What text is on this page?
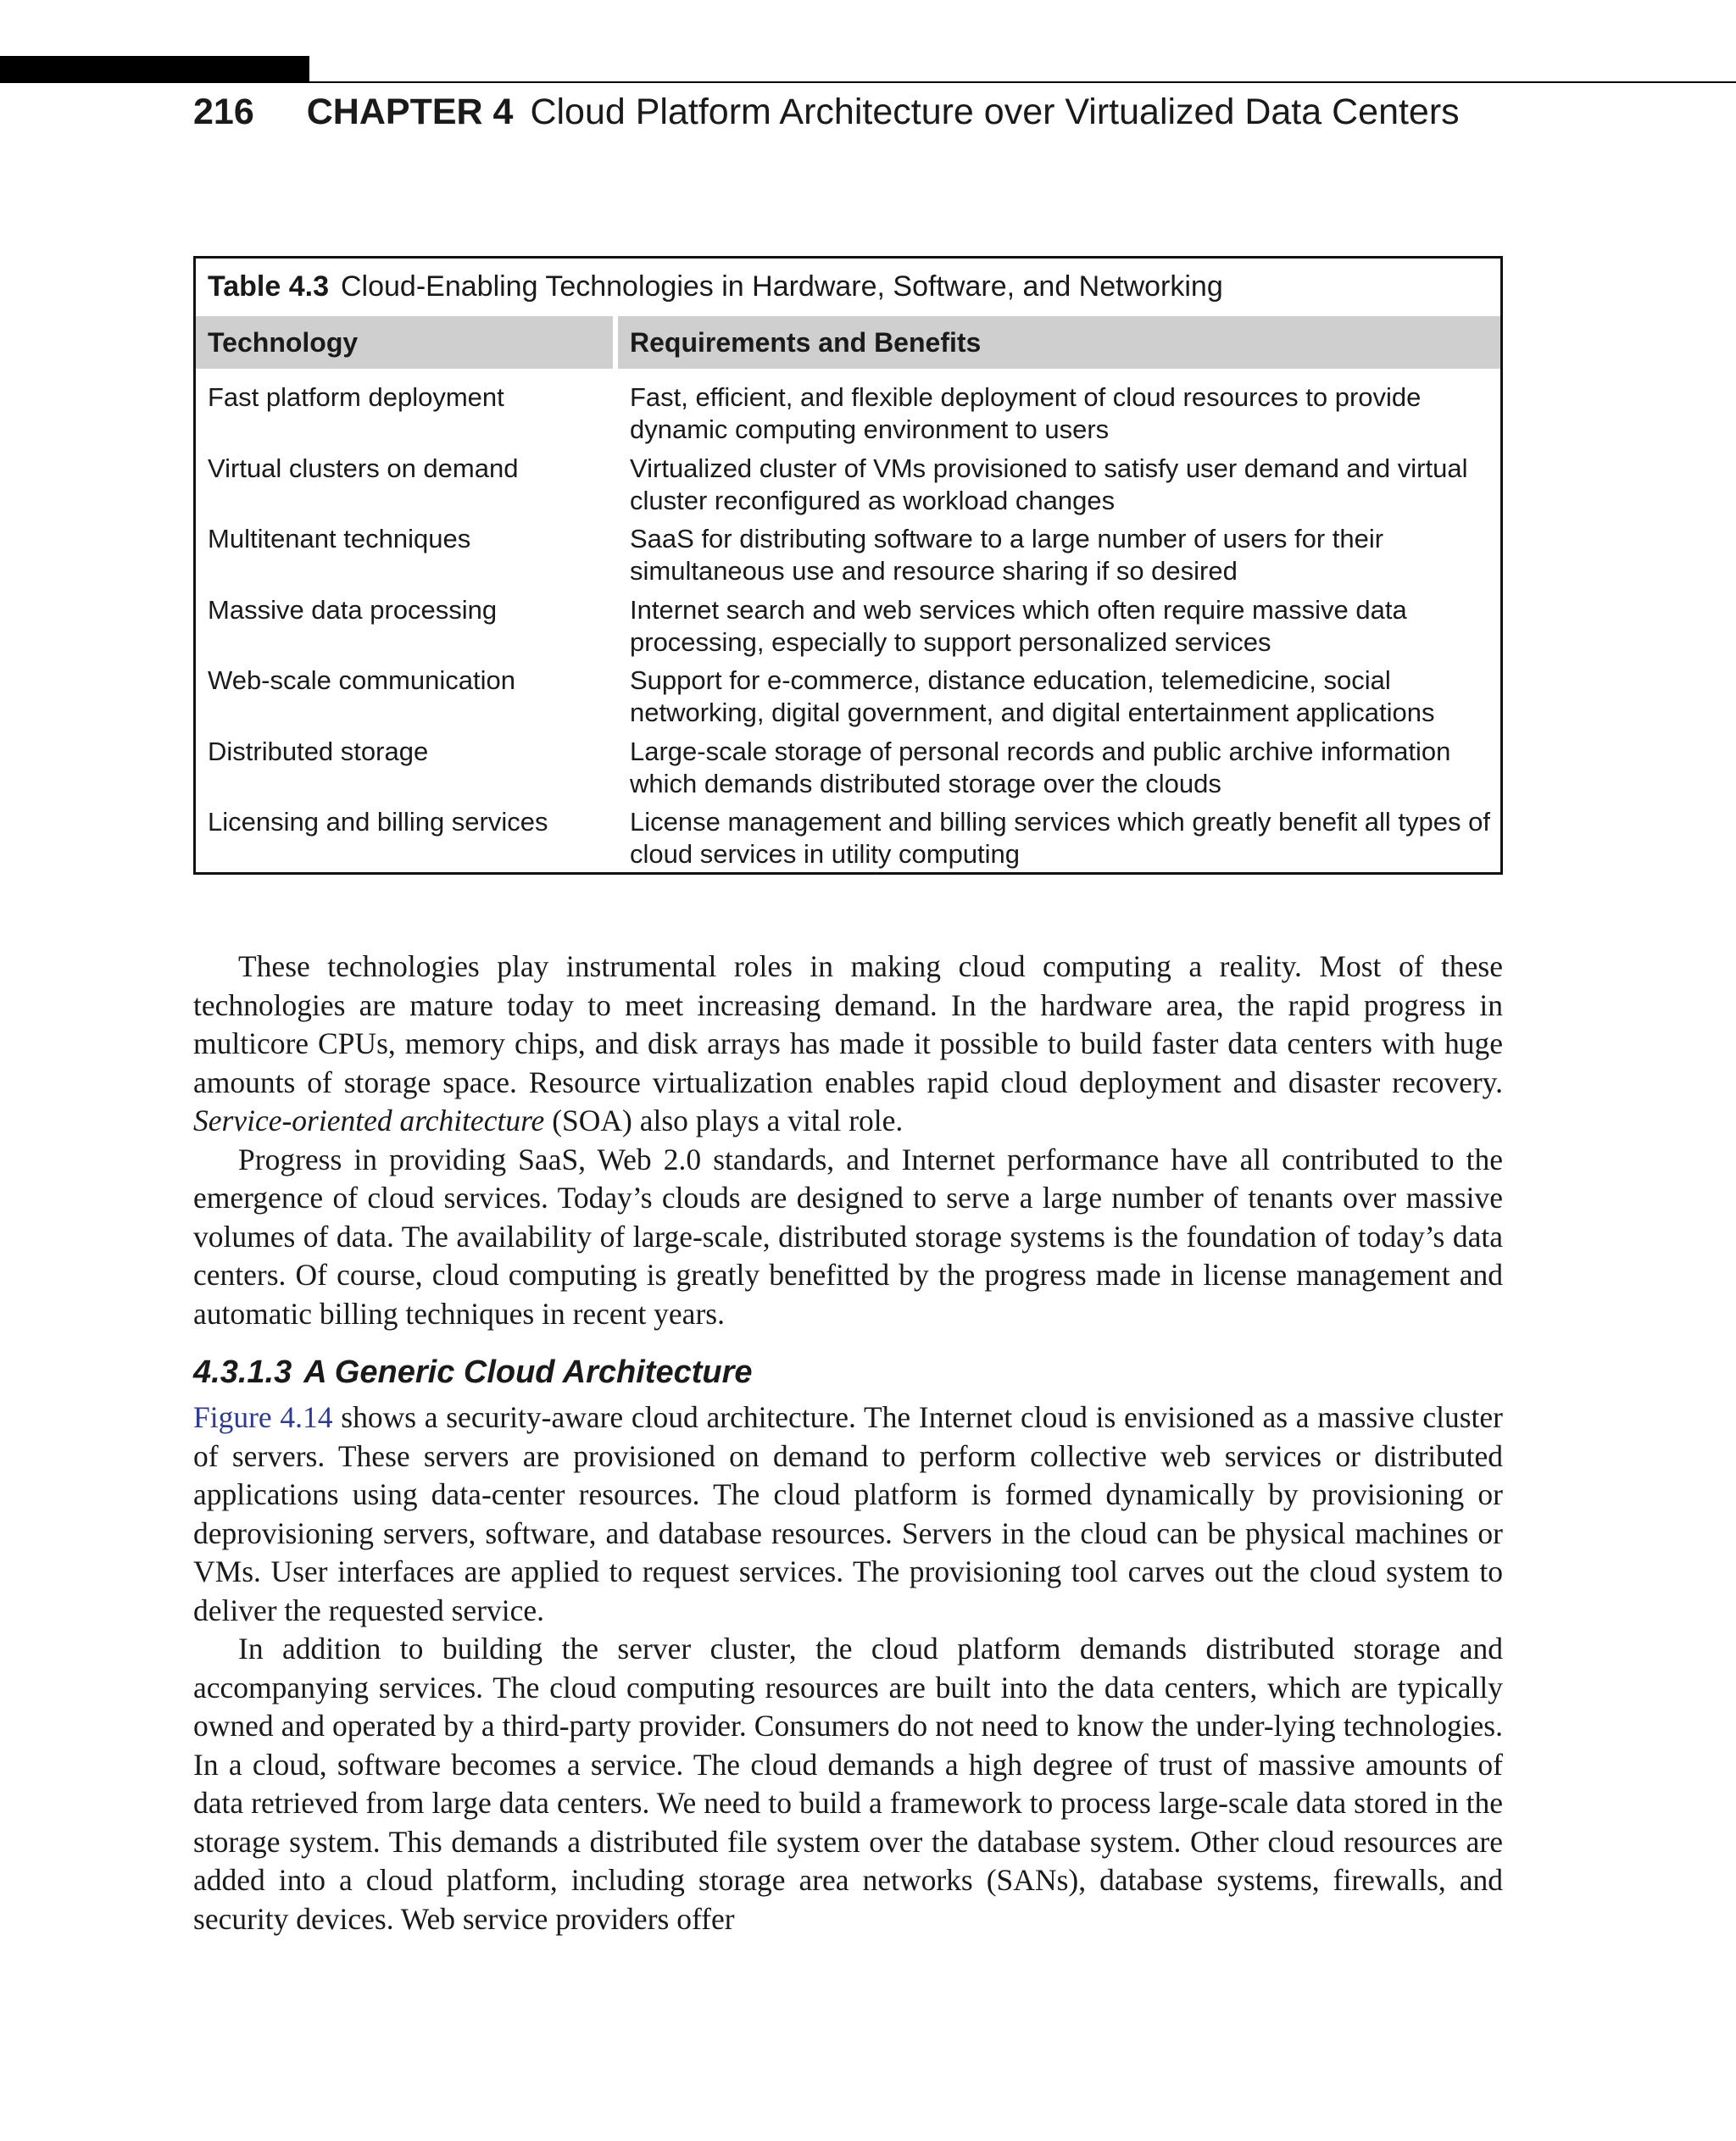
216 CHAPTER 4 Cloud Platform Architecture over Virtualized Data Centers
Table 4.3 Cloud-Enabling Technologies in Hardware, Software, and Networking
Technology	Requirements and Benefits
Fast platform deployment	Fast, efficient, and flexible deployment of cloud resources to provide dynamic computing environment to users
Virtual clusters on demand	Virtualized cluster of VMs provisioned to satisfy user demand and virtual cluster reconfigured as workload changes
Multitenant techniques	SaaS for distributing software to a large number of users for their simultaneous use and resource sharing if so desired
Massive data processing	Internet search and web services which often require massive data processing, especially to support personalized services
Web-scale communication	Support for e-commerce, distance education, telemedicine, social networking, digital government, and digital entertainment applications
Distributed storage	Large-scale storage of personal records and public archive information which demands distributed storage over the clouds
Licensing and billing services	License management and billing services which greatly benefit all types of cloud services in utility computing

These technologies play instrumental roles in making cloud computing a reality. Most of these technologies are mature today to meet increasing demand. In the hardware area, the rapid progress in multicore CPUs, memory chips, and disk arrays has made it possible to build faster data centers with huge amounts of storage space. Resource virtualization enables rapid cloud deployment and disaster recovery. Service-oriented architecture (SOA) also plays a vital role.

Progress in providing SaaS, Web 2.0 standards, and Internet performance have all contributed to the emergence of cloud services. Today’s clouds are designed to serve a large number of tenants over massive volumes of data. The availability of large-scale, distributed storage systems is the foundation of today’s data centers. Of course, cloud computing is greatly benefitted by the progress made in license management and automatic billing techniques in recent years.

4.3.1.3 A Generic Cloud Architecture

Figure 4.14 shows a security-aware cloud architecture. The Internet cloud is envisioned as a massive cluster of servers. These servers are provisioned on demand to perform collective web services or distributed applications using data-center resources. The cloud platform is formed dynamically by provisioning or deprovisioning servers, software, and database resources. Servers in the cloud can be physical machines or VMs. User interfaces are applied to request services. The provisioning tool carves out the cloud system to deliver the requested service.

In addition to building the server cluster, the cloud platform demands distributed storage and accompanying services. The cloud computing resources are built into the data centers, which are typically owned and operated by a third-party provider. Consumers do not need to know the under-lying technologies. In a cloud, software becomes a service. The cloud demands a high degree of trust of massive amounts of data retrieved from large data centers. We need to build a framework to process large-scale data stored in the storage system. This demands a distributed file system over the database system. Other cloud resources are added into a cloud platform, including storage area networks (SANs), database systems, firewalls, and security devices. Web service providers offer
